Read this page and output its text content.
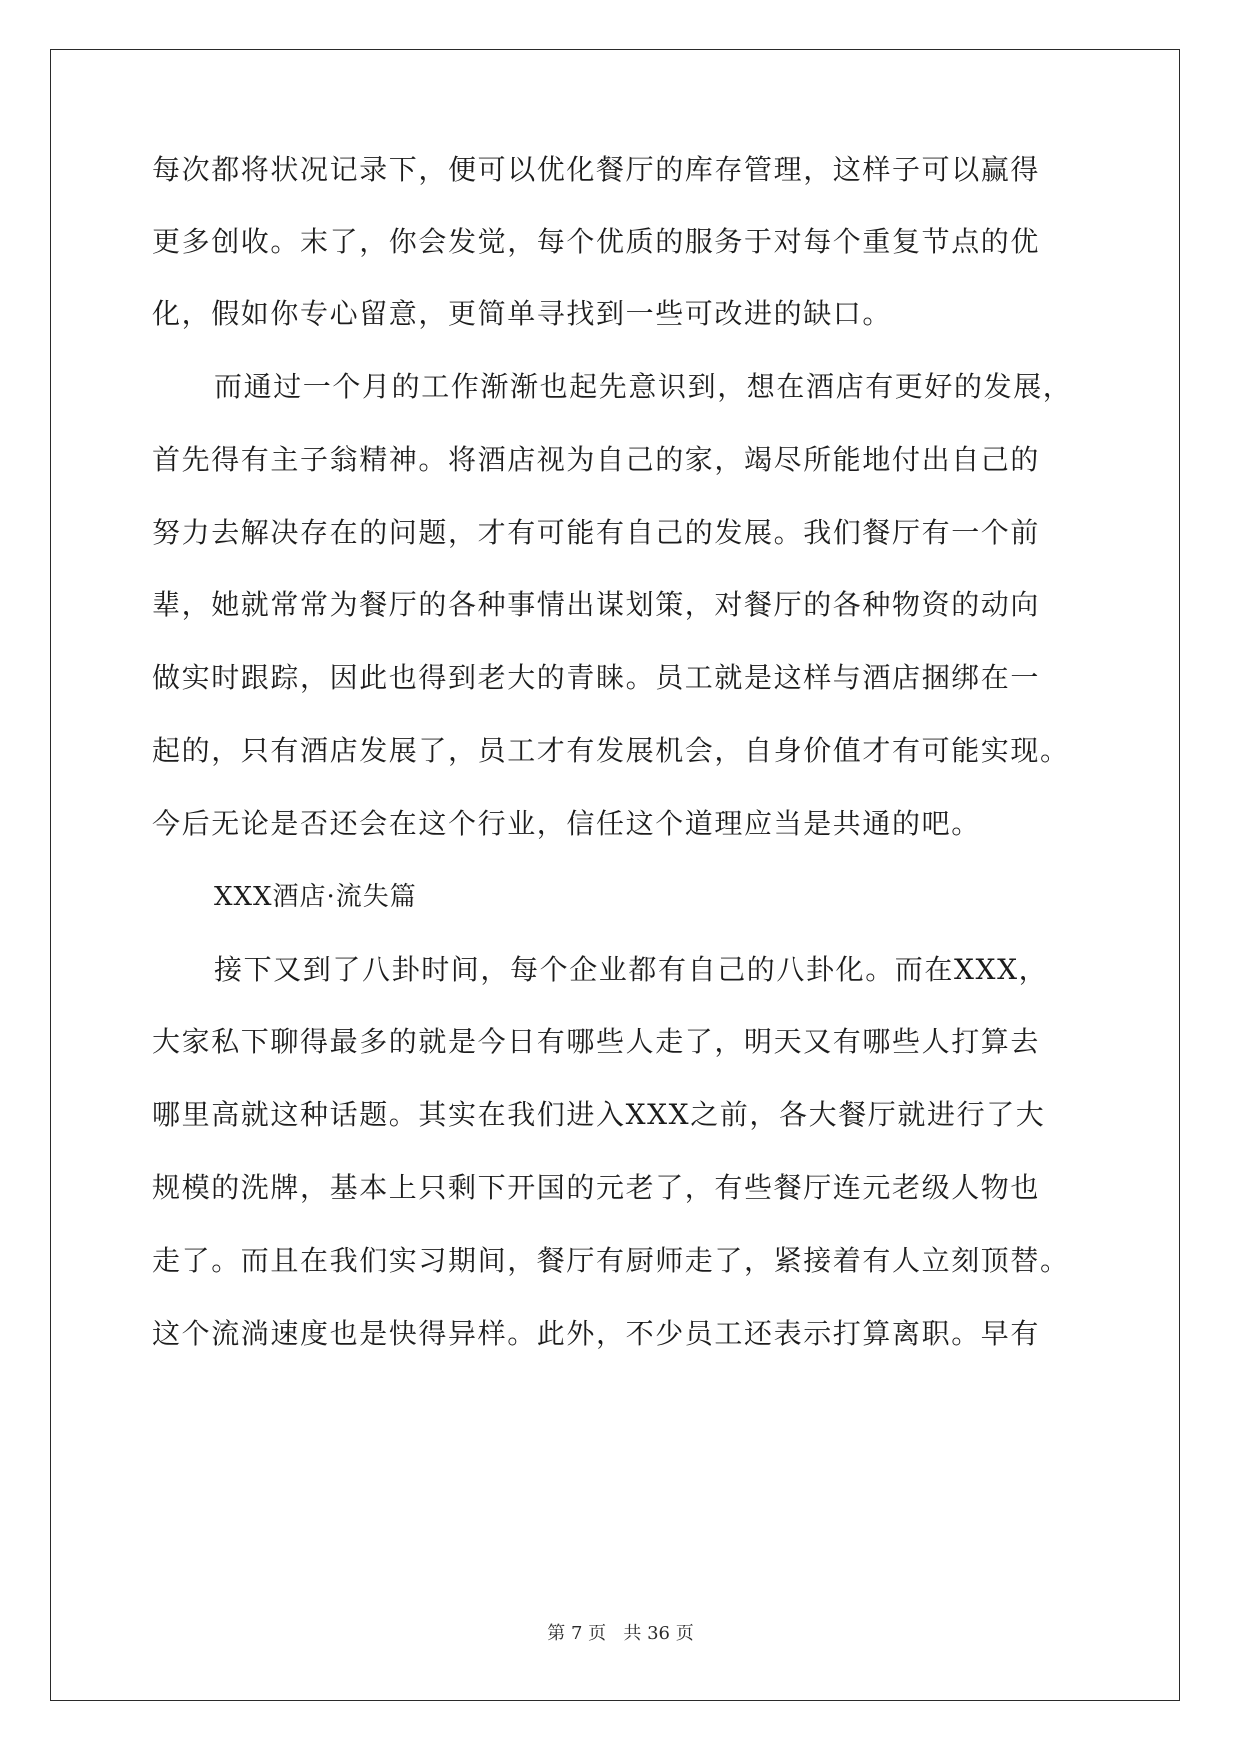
每次都将状况记录下，便可以优化餐厅的库存管理，这样子可以赢得

更多创收。末了，你会发觉，每个优质的服务于对每个重复节点的优

化，假如你专心留意，更简单寻找到一些可改进的缺口。

而通过一个月的工作渐渐也起先意识到，想在酒店有更好的发展，

首先得有主子翁精神。将酒店视为自己的家，竭尽所能地付出自己的

努力去解决存在的问题，才有可能有自己的发展。我们餐厅有一个前

辈，她就常常为餐厅的各种事情出谋划策，对餐厅的各种物资的动向

做实时跟踪，因此也得到老大的青睐。员工就是这样与酒店捆绑在一

起的，只有酒店发展了，员工才有发展机会，自身价值才有可能实现。

今后无论是否还会在这个行业，信任这个道理应当是共通的吧。

XXX酒店·流失篇

接下又到了八卦时间，每个企业都有自己的八卦化。而在XXX，

大家私下聊得最多的就是今日有哪些人走了，明天又有哪些人打算去

哪里高就这种话题。其实在我们进入XXX之前，各大餐厅就进行了大

规模的洗牌，基本上只剩下开国的元老了，有些餐厅连元老级人物也

走了。而且在我们实习期间，餐厅有厨师走了，紧接着有人立刻顶替。

这个流淌速度也是快得异样。此外，不少员工还表示打算离职。早有

第 7 页   共 36 页
